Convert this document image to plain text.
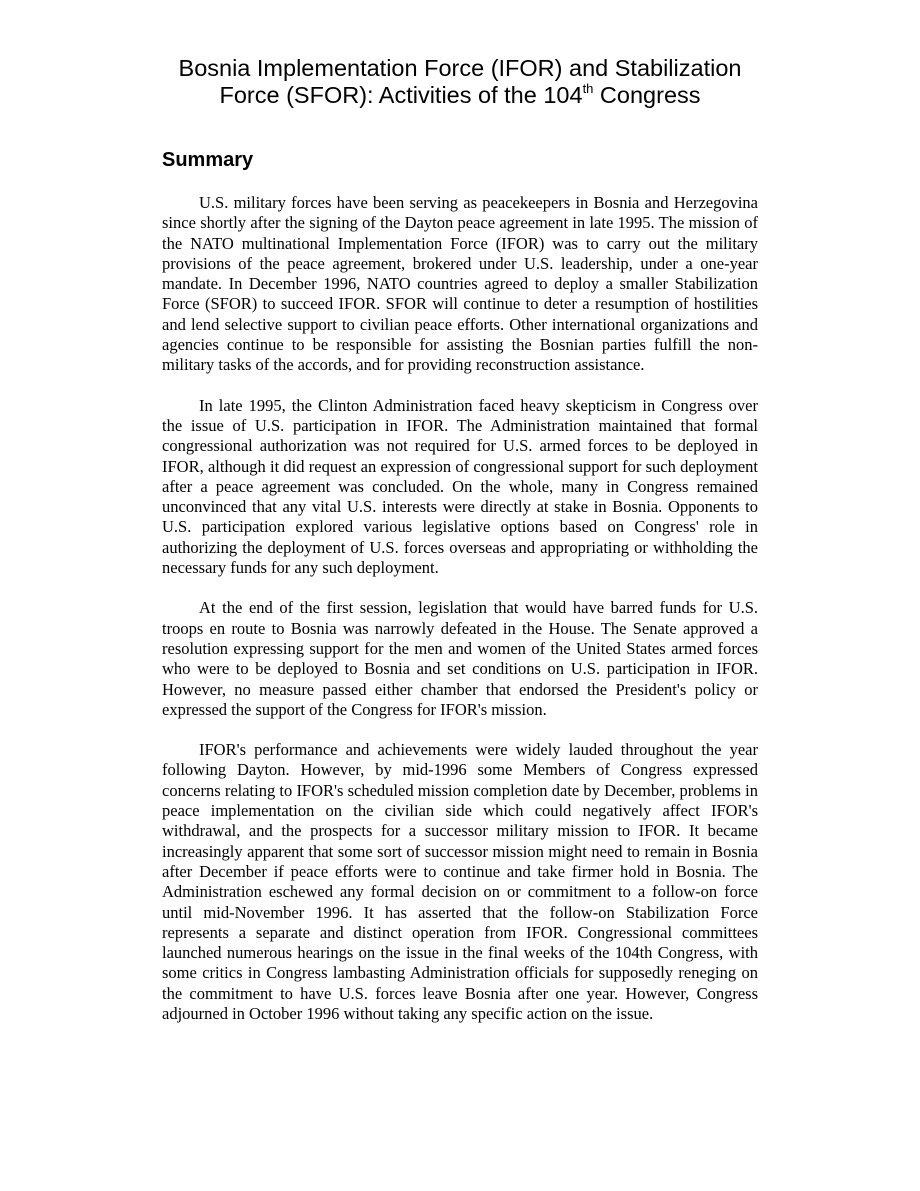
Bosnia Implementation Force (IFOR) and Stabilization
Force (SFOR): Activities of the 104th Congress
Summary

U.S. military forces have been serving as peacekeepers in Bosnia and Herzegovina since shortly after the signing of the Dayton peace agreement in late 1995. The mission of the NATO multinational Implementation Force (IFOR) was to carry out the military provisions of the peace agreement, brokered under U.S. leadership, under a one-year mandate. In December 1996, NATO countries agreed to deploy a smaller Stabilization Force (SFOR) to succeed IFOR. SFOR will continue to deter a resumption of hostilities and lend selective support to civilian peace efforts. Other international organizations and agencies continue to be responsible for assisting the Bosnian parties fulfill the non-military tasks of the accords, and for providing reconstruction assistance.

In late 1995, the Clinton Administration faced heavy skepticism in Congress over the issue of U.S. participation in IFOR. The Administration maintained that formal congressional authorization was not required for U.S. armed forces to be deployed in IFOR, although it did request an expression of congressional support for such deployment after a peace agreement was concluded. On the whole, many in Congress remained unconvinced that any vital U.S. interests were directly at stake in Bosnia. Opponents to U.S. participation explored various legislative options based on Congress' role in authorizing the deployment of U.S. forces overseas and appropriating or withholding the necessary funds for any such deployment.

At the end of the first session, legislation that would have barred funds for U.S. troops en route to Bosnia was narrowly defeated in the House. The Senate approved a resolution expressing support for the men and women of the United States armed forces who were to be deployed to Bosnia and set conditions on U.S. participation in IFOR. However, no measure passed either chamber that endorsed the President's policy or expressed the support of the Congress for IFOR's mission.

IFOR's performance and achievements were widely lauded throughout the year following Dayton. However, by mid-1996 some Members of Congress expressed concerns relating to IFOR's scheduled mission completion date by December, problems in peace implementation on the civilian side which could negatively affect IFOR's withdrawal, and the prospects for a successor military mission to IFOR. It became increasingly apparent that some sort of successor mission might need to remain in Bosnia after December if peace efforts were to continue and take firmer hold in Bosnia. The Administration eschewed any formal decision on or commitment to a follow-on force until mid-November 1996. It has asserted that the follow-on Stabilization Force represents a separate and distinct operation from IFOR. Congressional committees launched numerous hearings on the issue in the final weeks of the 104th Congress, with some critics in Congress lambasting Administration officials for supposedly reneging on the commitment to have U.S. forces leave Bosnia after one year. However, Congress adjourned in October 1996 without taking any specific action on the issue.
